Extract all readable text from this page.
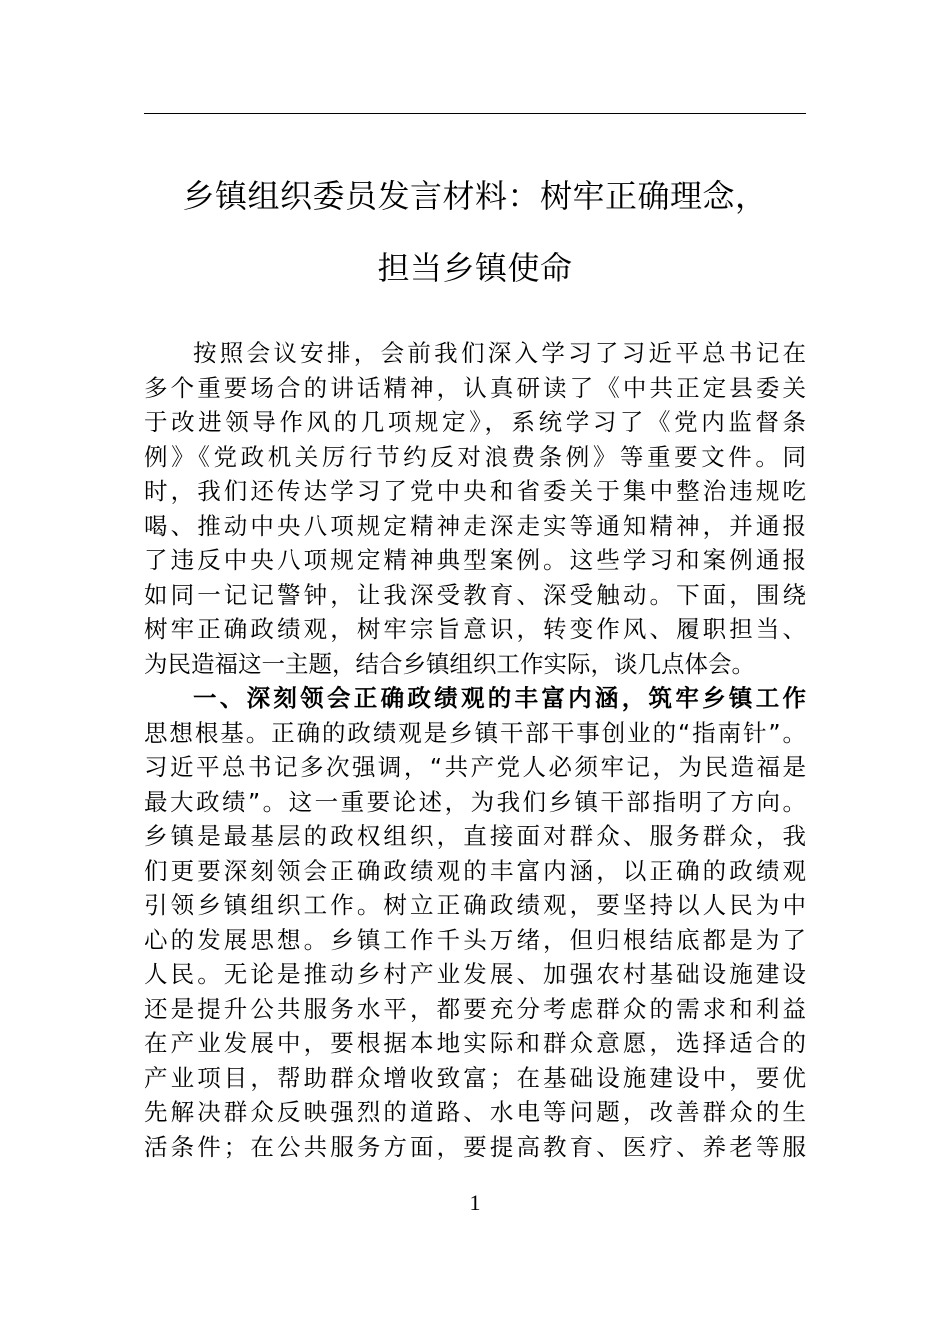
乡镇组织委员发言材料：树牢正确理念，
担当乡镇使命
按照会议安排，会前我们深入学习了习近平总书记在
多个重要场合的讲话精神，认真研读了《中共正定县委关
于改进领导作风的几项规定》，系统学习了《党内监督条
例》《党政机关厉行节约反对浪费条例》等重要文件。同
时，我们还传达学习了党中央和省委关于集中整治违规吃
喝、推动中央八项规定精神走深走实等通知精神，并通报
了违反中央八项规定精神典型案例。这些学习和案例通报
如同一记记警钟，让我深受教育、深受触动。下面，围绕
树牢正确政绩观，树牢宗旨意识，转变作风、履职担当、
为民造福这一主题，结合乡镇组织工作实际，谈几点体会。
一、深刻领会正确政绩观的丰富内涵，筑牢乡镇工作
思想根基。正确的政绩观是乡镇干部干事创业的“指南针”。
习近平总书记多次强调，“共产党人必须牢记，为民造福是
最大政绩”。这一重要论述，为我们乡镇干部指明了方向。
乡镇是最基层的政权组织，直接面对群众、服务群众，我
们更要深刻领会正确政绩观的丰富内涵，以正确的政绩观
引领乡镇组织工作。树立正确政绩观，要坚持以人民为中
心的发展思想。乡镇工作千头万绪，但归根结底都是为了
人民。无论是推动乡村产业发展、加强农村基础设施建设
还是提升公共服务水平，都要充分考虑群众的需求和利益
在产业发展中，要根据本地实际和群众意愿，选择适合的
产业项目，帮助群众增收致富；在基础设施建设中，要优
先解决群众反映强烈的道路、水电等问题，改善群众的生
活条件；在公共服务方面，要提高教育、医疗、养老等服
1
